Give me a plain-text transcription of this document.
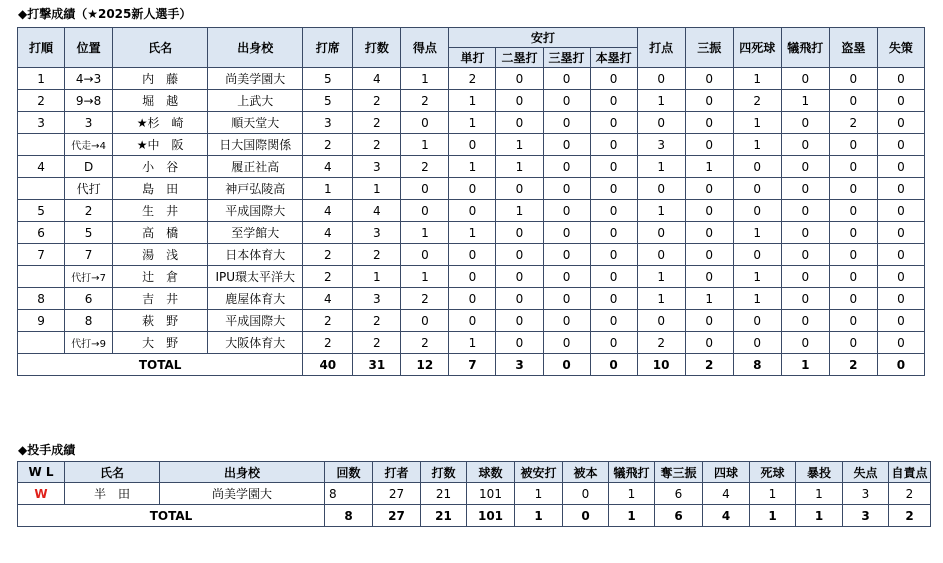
◆打撃成績（★2025新人選手）
打順	位置	氏名	出身校	打席	打数	得点	安打				打点	三振	四死球	犠飛打	盗塁	失策
							単打	二塁打	三塁打	本塁打						
1	4→3	内　藤	尚美学園大	5	4	1	2	0	0	0	0	0	1	0	0	0
2	9→8	堀　越	上武大	5	2	2	1	0	0	0	1	0	2	1	0	0
3	3	★杉　崎	順天堂大	3	2	0	1	0	0	0	0	0	1	0	2	0
	代走→4	★中　阪	日大国際関係	2	2	1	0	1	0	0	3	0	1	0	0	0
4	D	小　谷	履正社高	4	3	2	1	1	0	0	1	1	0	0	0	0
	代打	島　田	神戸弘陵高	1	1	0	0	0	0	0	0	0	0	0	0	0
5	2	生　井	平成国際大	4	4	0	0	1	0	0	1	0	0	0	0	0
6	5	高　橋	至学館大	4	3	1	1	0	0	0	0	0	1	0	0	0
7	7	湯　浅	日本体育大	2	2	0	0	0	0	0	0	0	0	0	0	0
	代打→7	辻　倉	IPU環太平洋大	2	1	1	0	0	0	0	1	0	1	0	0	0
8	6	吉　井	鹿屋体育大	4	3	2	0	0	0	0	1	1	1	0	0	0
9	8	萩　野	平成国際大	2	2	0	0	0	0	0	0	0	0	0	0	0
	代打→9	大　野	大阪体育大	2	2	2	1	0	0	0	2	0	0	0	0	0
TOTAL				40	31	12	7	3	0	0	10	2	8	1	2	0
◆投手成績
W L	氏名	出身校	回数	打者	打数	球数	被安打	被本	犠飛打	奪三振	四球	死球	暴投	失点	自責点
W	半　田	尚美学園大	8	27	21	101	1	0	1	6	4	1	1	3	2
TOTAL			8	27	21	101	1	0	1	6	4	1	1	3	2
